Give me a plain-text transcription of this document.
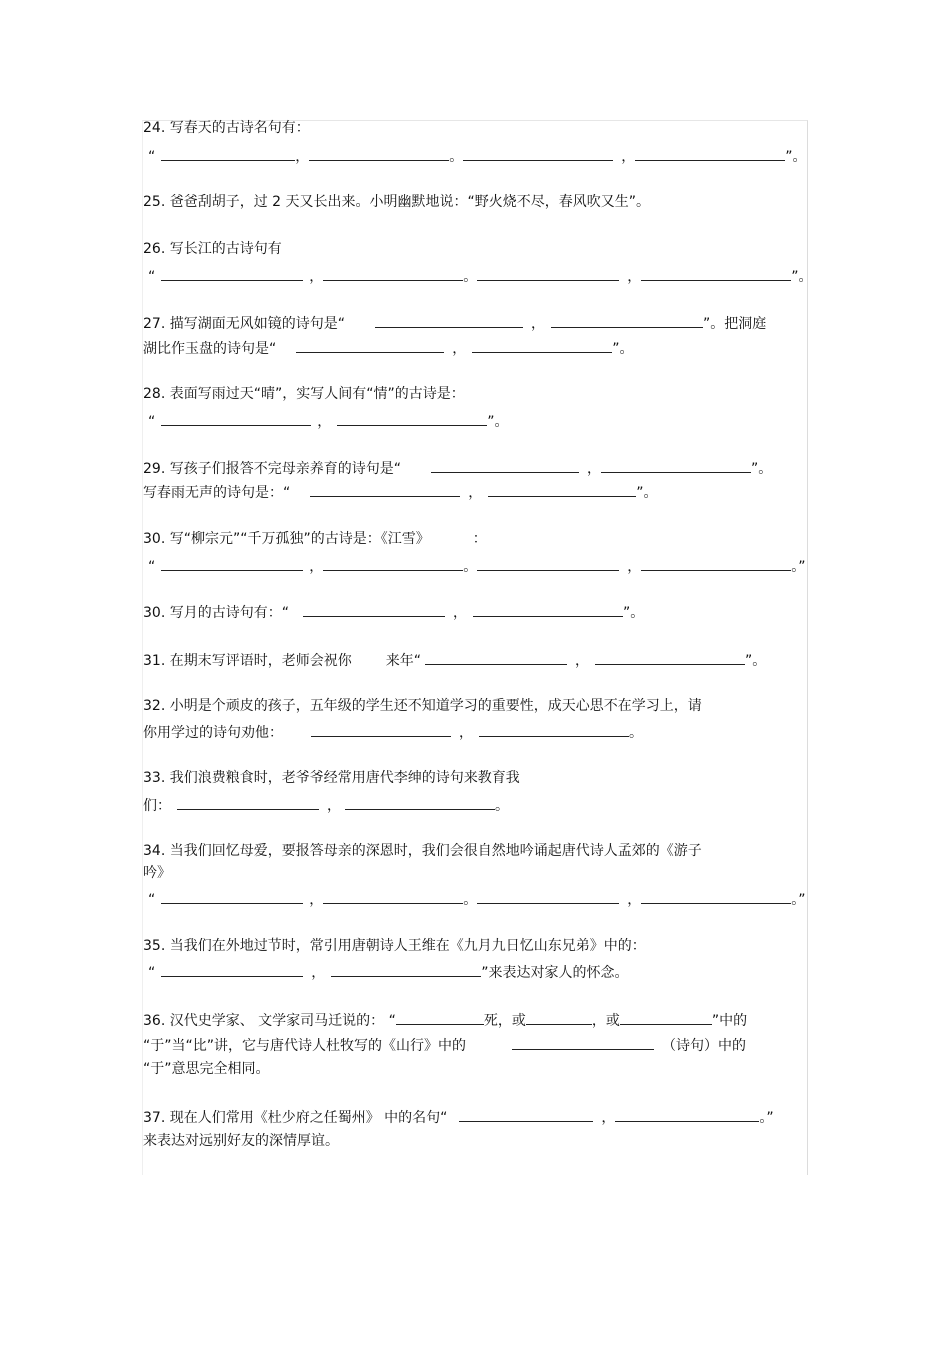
24. 写春天的古诗名句有：
“	，	。	，	”。
25. 爸爸刮胡子，过 2 天又长出来。小明幽默地说：“野火烧不尽，春风吹又生”。
26. 写长江的古诗句有
“	，	。	，	”。
27. 描写湖面无风如镜的诗句是“	，	”。把洞庭
湖比作玉盘的诗句是“	，	”。
28. 表面写雨过天“晴”，实写人间有“情”的古诗是：
“	，	”。
29. 写孩子们报答不完母亲养育的诗句是“	，	”。
写春雨无声的诗句是：“	，	”。
30. 写“柳宗元”“千万孤独”的古诗是：《江雪》	：
“	，	。	，	。”
30. 写月的古诗句有：“	，	”。
31. 在期末写评语时，老师会祝你 来年“	，	”。
32. 小明是个顽皮的孩子，五年级的学生还不知道学习的重要性，成天心思不在学习上，请
你用学过的诗句劝他：	，	。
33. 我们浪费粮食时，老爷爷经常用唐代李绅的诗句来教育我
们：	，	。
34. 当我们回忆母爱，要报答母亲的深恩时，我们会很自然地吟诵起唐代诗人孟郊的《游子
吟》
“	，	。	，	。”
35. 当我们在外地过节时，常引用唐朝诗人王维在《九月九日忆山东兄弟》中的：
“	，	”来表达对家人的怀念。
36. 汉代史学家、 文学家司马迁说的： “	死，或	，或	”中的
“于”当“比”讲，它与唐代诗人杜牧写的《山行》中的	（诗句）中的
“于”意思完全相同。
37. 现在人们常用《杜少府之任蜀州》 中的名句“	，	。”
来表达对远别好友的深情厚谊。
